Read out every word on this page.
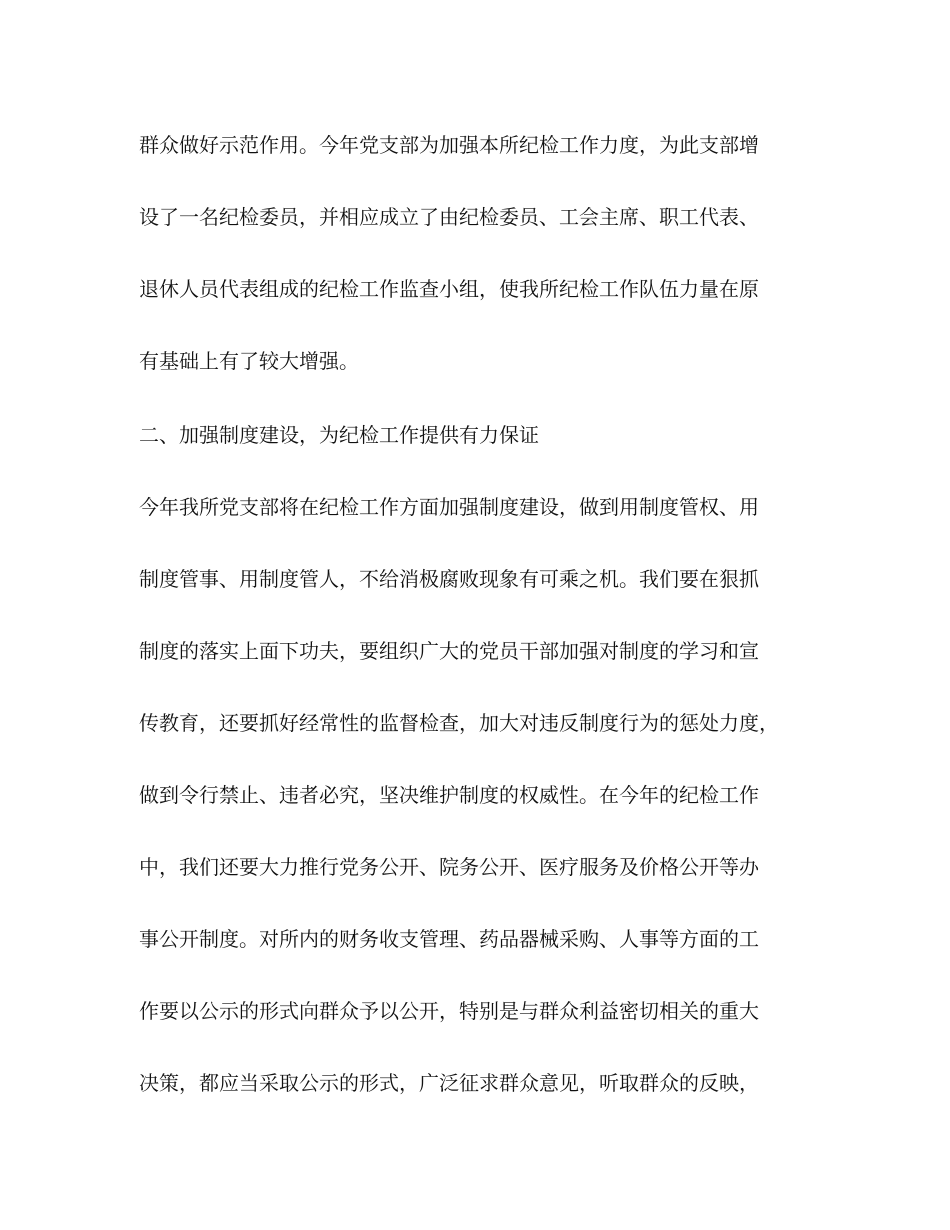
群众做好示范作用。今年党支部为加强本所纪检工作力度，为此支部增

设了一名纪检委员，并相应成立了由纪检委员、工会主席、职工代表、

退休人员代表组成的纪检工作监查小组，使我所纪检工作队伍力量在原

有基础上有了较大增强。

二、加强制度建设，为纪检工作提供有力保证

今年我所党支部将在纪检工作方面加强制度建设，做到用制度管权、用

制度管事、用制度管人，不给消极腐败现象有可乘之机。我们要在狠抓

制度的落实上面下功夫，要组织广大的党员干部加强对制度的学习和宣

传教育，还要抓好经常性的监督检查，加大对违反制度行为的惩处力度，

做到令行禁止、违者必究，坚决维护制度的权威性。在今年的纪检工作

中，我们还要大力推行党务公开、院务公开、医疗服务及价格公开等办

事公开制度。对所内的财务收支管理、药品器械采购、人事等方面的工

作要以公示的形式向群众予以公开，特别是与群众利益密切相关的重大

决策，都应当采取公示的形式，广泛征求群众意见，听取群众的反映，
